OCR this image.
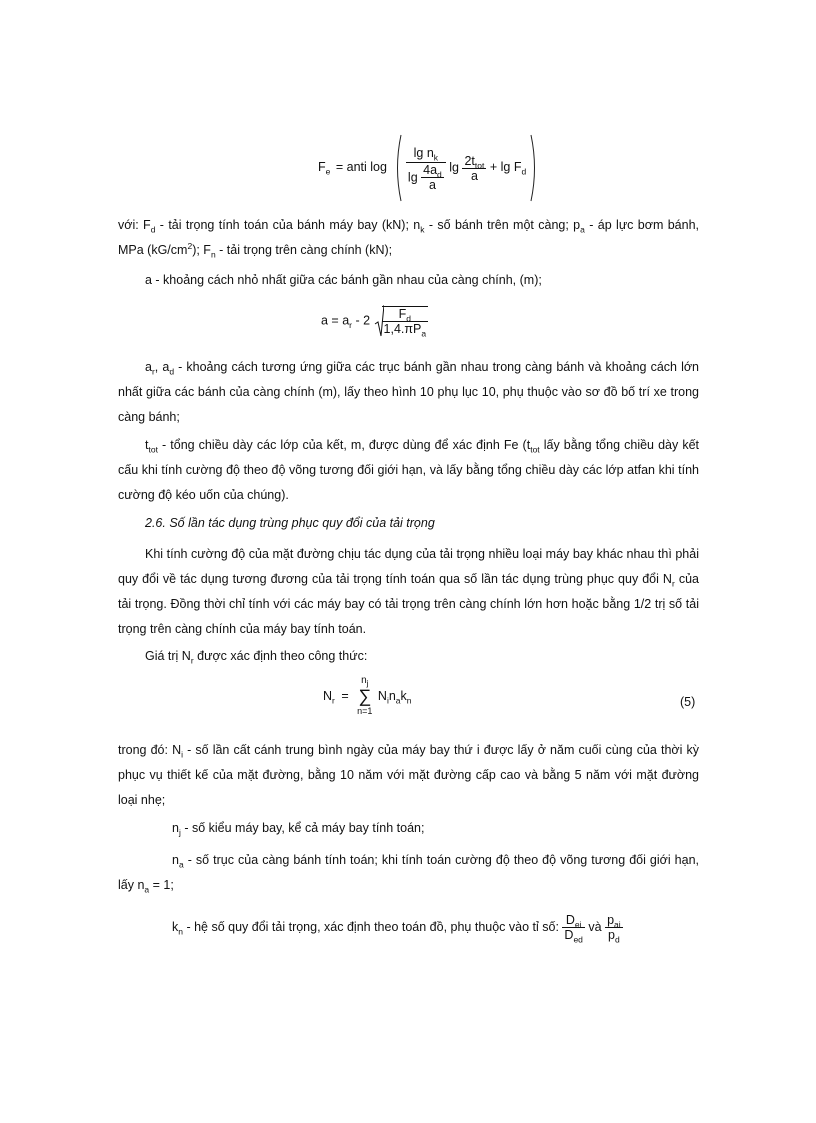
$F_e$ = anti $\log \frac{\lg n_k}{\lg \frac{4a_d}{a}}$ $\lg \frac{2t_{tot}}{a} + \lg F_d$

với: $F_d$ - tải trọng tính toán của bánh máy bay (kN); $n_k$ - số bánh trên một càng; $p_a$ - áp lực bơm bánh, MPa $(kG/cm^2)$; $F_n$ - tải trọng trên càng chính (kN);

a - khoảng cách nhỏ nhất giữa các bánh gần nhau của càng chính, (m);

$a = a_r - 2 \frac{F_d}{1,4.\pi P_a}$

$a_r$, $a_d$ - khoảng cách tương ứng giữa các trục bánh gần nhau trong càng bánh và khoảng cách lớn nhất giữa các bánh của càng chính (m), lấy theo hình 10 phụ lục 10, phụ thuộc vào sơ đồ bố trí xe trong càng bánh;

$t_{tot}$ - tổng chiều dày các lớp của kết, m, được dùng để xác định Fe ($t_{tot}$ lấy bằng tổng chiều dày kết cấu khi tính cường độ theo độ võng tương đối giới hạn, và lấy bằng tổng chiều dày các lớp atfan khi tính cường độ kéo uốn của chúng).

2.6. Số lần tác dụng trùng phục quy đổi của tải trọng

Khi tính cường độ của mặt đường chịu tác dụng của tải trọng nhiều loại máy bay khác nhau thì phải quy đổi về tác dụng tương đương của tải trọng tính toán qua số lần tác dụng trùng phục quy đổi $N_r$ của tải trọng. Đồng thời chỉ tính với các máy bay có tải trọng trên càng chính lớn hơn hoặc bằng 1/2 trị số tải trọng trên càng chính của máy bay tính toán.

Giá trị $N_r$ được xác định theo công thức:

$N_r$ =
$n_j$
∑
n=1
$N_in_ak_n$	(5)

trong đó: $N_i$ - số lần cất cánh trung bình ngày của máy bay thứ i được lấy ở năm cuối cùng của thời kỳ phục vụ thiết kế của mặt đường, bằng 10 năm với mặt đường cấp cao và bằng 5 năm với mặt đường loại nhẹ;

$n_j$ - số kiểu máy bay, kể cả máy bay tính toán;

$n_a$ - số trục của càng bánh tính toán; khi tính toán cường độ theo độ võng tương đối giới hạn, lấy $n_a = 1$;

$k_n$ - hệ số quy đổi tải trọng, xác định theo toán đồ, phụ thuộc vào tỉ số: $\frac{D_{ei}}{D_{ed}}$ và $\frac{p_{ai}}{p_d}$
